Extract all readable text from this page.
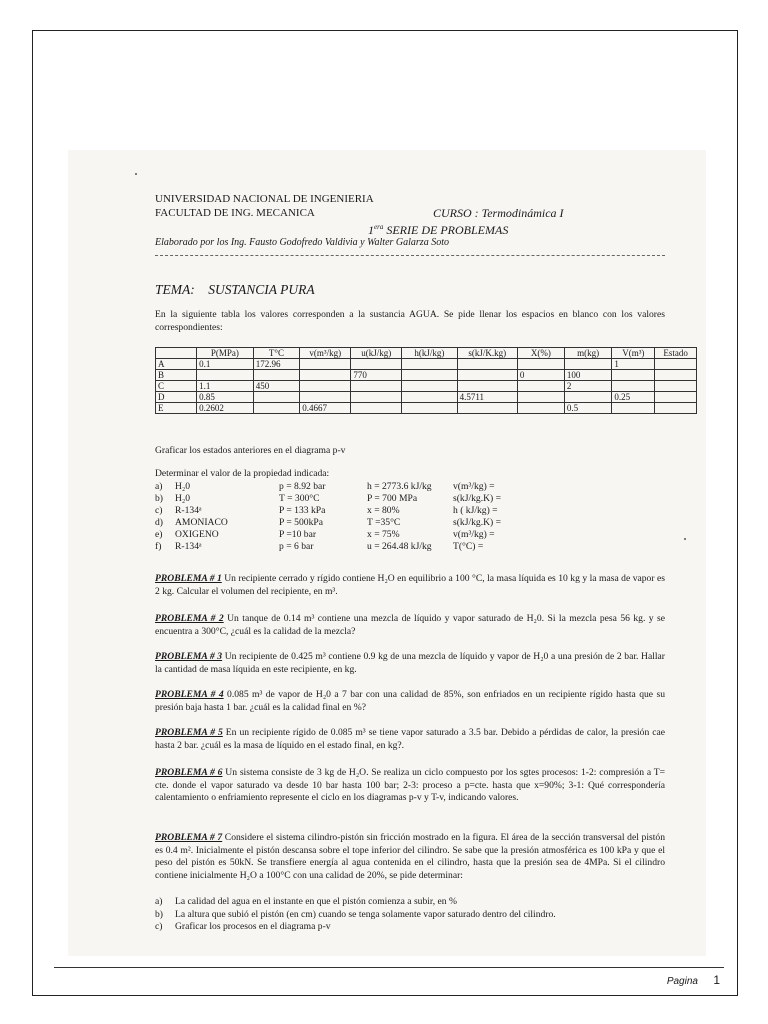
UNIVERSIDAD NACIONAL DE INGENIERIA
FACULTAD DE ING. MECANICA	CURSO : Termodinámica I
$1^{era}$ SERIE DE PROBLEMAS
Elaborado por los Ing. Fausto Godofredo Valdivia y Walter Galarza Soto
TEMA: SUSTANCIA PURA
En la siguiente tabla los valores corresponden a la sustancia AGUA. Se pide llenar los espacios en blanco con los valores correspondientes:
	P(MPa)	T°C	v(m³/kg)	u(kJ/kg)	h(kJ/kg)	s(kJ/K.kg)	X(%)	m(kg)	V(m³)	Estado
A	0.1	172.96							1	
B				770			0	100		
C	1.1	450						2		
D	0.85					4.5711			0.25	
E	0.2602		0.4667					0.5		
Graficar los estados anteriores en el diagrama p-v
Determinar el valor de la propiedad indicada:
a)	H₂0	p = 8.92 bar	h = 2773.6 kJ/kg	v(m³/kg) =
b)	H₂0	T = 300°C	P = 700 MPa	s(kJ/kg.K) =
c)	R-134ᵃ	P = 133 kPa	x = 80%	h ( kJ/kg) =
d)	AMONIACO	P = 500kPa	T =35°C	s(kJ/kg.K) =
e)	OXIGENO	P =10 bar	x = 75%	v(m³/kg) =
f)	R-134ᵃ	p = 6 bar	u = 264.48 kJ/kg	T(°C) =
PROBLEMA # 1 Un recipiente cerrado y rígido contiene H₂O en equilibrio a 100 °C, la masa líquida es 10 kg y la masa de vapor es 2 kg. Calcular el volumen del recipiente, en m³.
PROBLEMA # 2 Un tanque de 0.14 m³ contiene una mezcla de líquido y vapor saturado de H₂0. Si la mezcla pesa 56 kg. y se encuentra a 300°C, ¿cuál es la calidad de la mezcla?
PROBLEMA # 3 Un recipiente de 0.425 m³ contiene 0.9 kg de una mezcla de líquido y vapor de H₂0 a una presión de 2 bar. Hallar la cantidad de masa líquida en este recipiente, en kg.
PROBLEMA # 4 0.085 m³ de vapor de H₂0 a 7 bar con una calidad de 85%, son enfriados en un recipiente rígido hasta que su presión baja hasta 1 bar. ¿cuál es la calidad final en %?
PROBLEMA # 5 En un recipiente rígido de 0.085 m³ se tiene vapor saturado a 3.5 bar. Debido a pérdidas de calor, la presión cae hasta 2 bar. ¿cuál es la masa de líquido en el estado final, en kg?.
PROBLEMA # 6 Un sistema consiste de 3 kg de H₂O. Se realiza un ciclo compuesto por los sgtes procesos: 1-2: compresión a T= cte. donde el vapor saturado va desde 10 bar hasta 100 bar; 2-3: proceso a p=cte. hasta que x=90%; 3-1: Qué correspondería calentamiento o enfriamiento represente el ciclo en los diagramas p-v y T-v, indicando valores.
PROBLEMA # 7 Considere el sistema cilindro-pistón sin fricción mostrado en la figura. El área de la sección transversal del pistón es 0.4 m². Inicialmente el pistón descansa sobre el tope inferior del cilindro. Se sabe que la presión atmosférica es 100 kPa y que el peso del pistón es 50kN. Se transfiere energía al agua contenida en el cilindro, hasta que la presión sea de 4MPa. Si el cilindro contiene inicialmente H₂O a 100°C con una calidad de 20%, se pide determinar:
a) La calidad del agua en el instante en que el pistón comienza a subir, en %
b) La altura que subió el pistón (en cm) cuando se tenga solamente vapor saturado dentro del cilindro.
c) Graficar los procesos en el diagrama p-v
Pagina 1
